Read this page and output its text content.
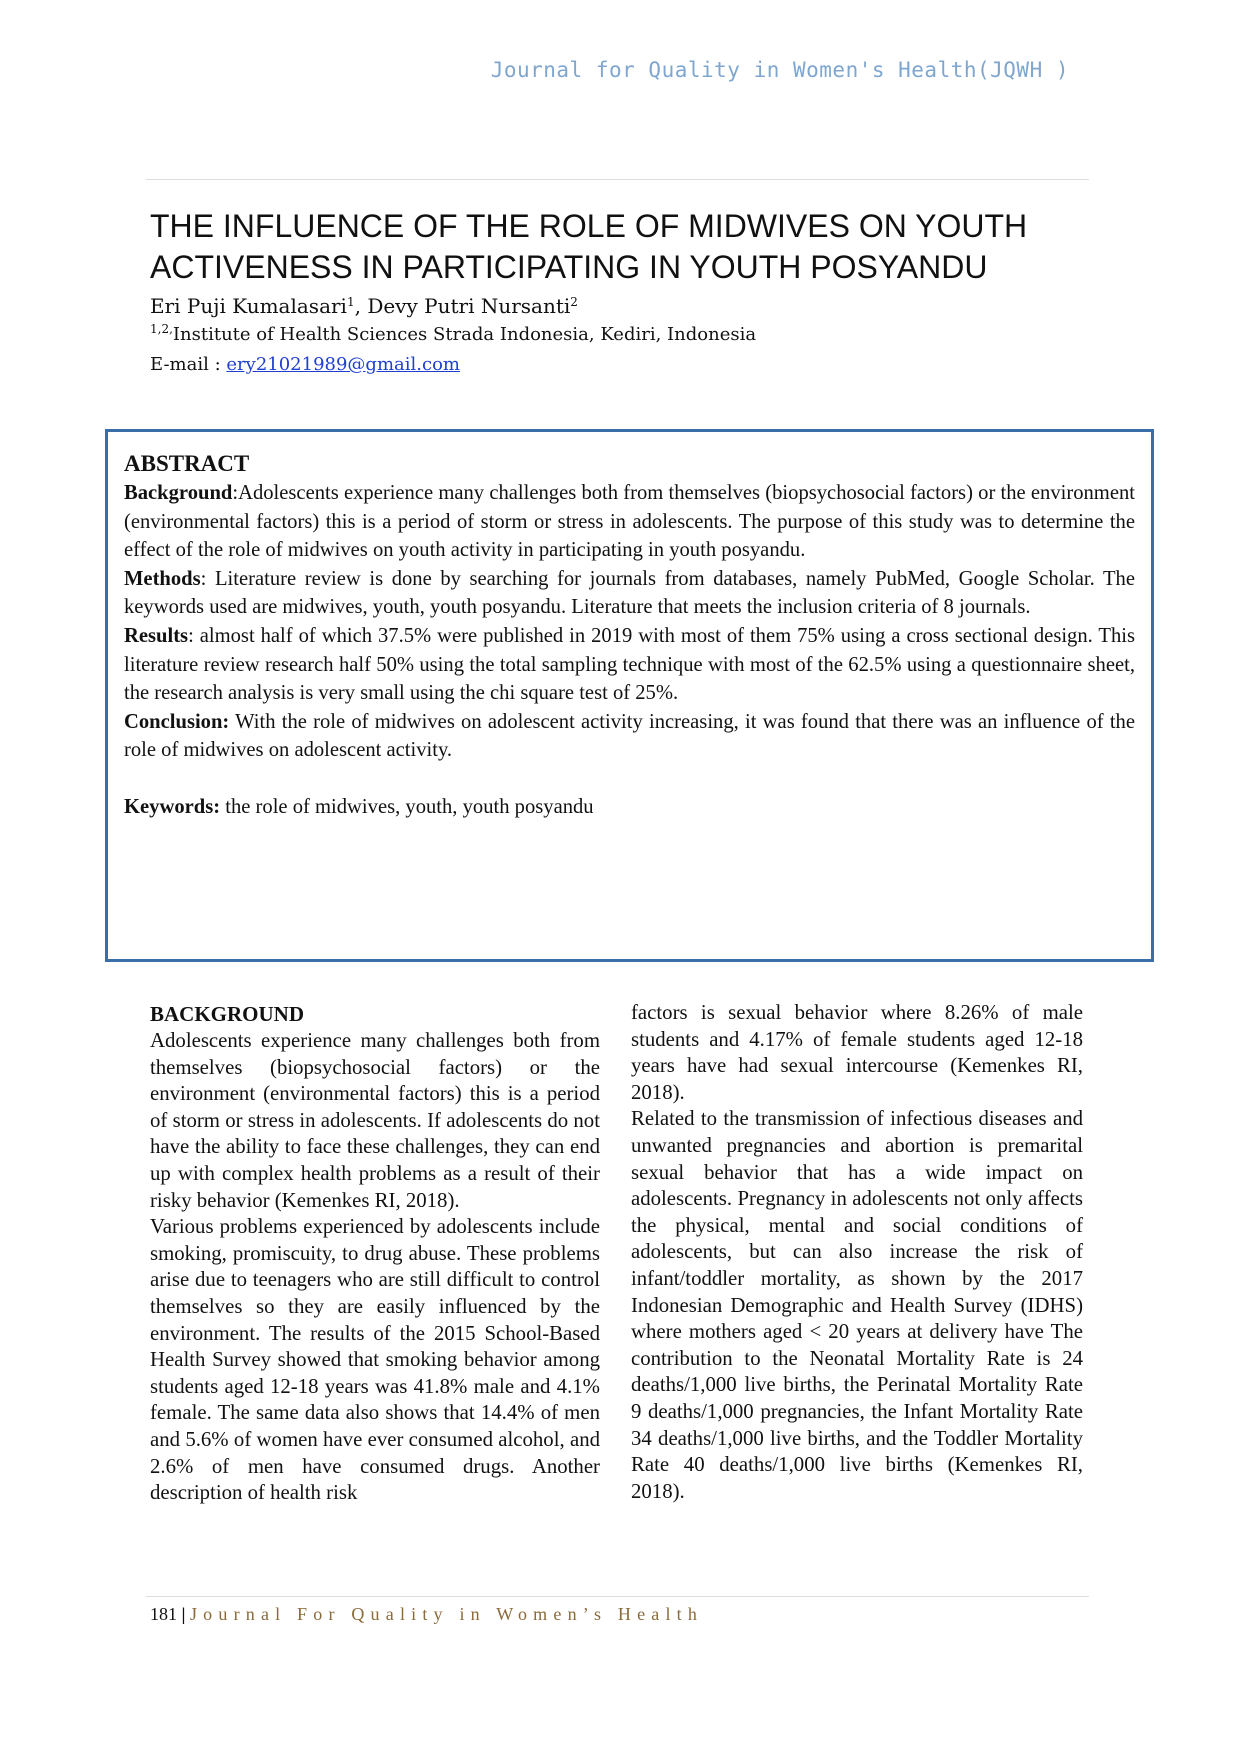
Journal for Quality in Women's Health(JQWH )
THE INFLUENCE OF THE ROLE OF MIDWIVES ON YOUTH
ACTIVENESS IN PARTICIPATING IN YOUTH POSYANDU
Eri Puji Kumalasari$^1$, Devy Putri Nursanti$^2$
$^{1,2,}$Institute of Health Sciences Strada Indonesia, Kediri, Indonesia
E-mail : ery21021989@gmail.com
ABSTRACT

Background:Adolescents experience many challenges both from themselves (biopsychosocial factors) or the environment (environmental factors) this is a period of storm or stress in adolescents. The purpose of this study was to determine the effect of the role of midwives on youth activity in participating in youth posyandu.

Methods: Literature review is done by searching for journals from databases, namely PubMed, Google Scholar. The keywords used are midwives, youth, youth posyandu. Literature that meets the inclusion criteria of 8 journals.

Results: almost half of which 37.5% were published in 2019 with most of them 75% using a cross sectional design. This literature review research half 50% using the total sampling technique with most of the 62.5% using a questionnaire sheet, the research analysis is very small using the chi square test of 25%.

Conclusion: With the role of midwives on adolescent activity increasing, it was found that there was an influence of the role of midwives on adolescent activity.

Keywords: the role of midwives, youth, youth posyandu

BACKGROUND

Adolescents experience many challenges both from themselves (biopsychosocial factors) or the environment (environmental factors) this is a period of storm or stress in adolescents. If adolescents do not have the ability to face these challenges, they can end up with complex health problems as a result of their risky behavior (Kemenkes RI, 2018).

Various problems experienced by adolescents include smoking, promiscuity, to drug abuse. These problems arise due to teenagers who are still difficult to control themselves so they are easily influenced by the environment. The results of the 2015 School-Based Health Survey showed that smoking behavior among students aged 12-18 years was 41.8% male and 4.1% female. The same data also shows that 14.4% of men and 5.6% of women have ever consumed alcohol, and 2.6% of men have consumed drugs. Another description of health risk

factors is sexual behavior where 8.26% of male students and 4.17% of female students aged 12-18 years have had sexual intercourse (Kemenkes RI, 2018).

Related to the transmission of infectious diseases and unwanted pregnancies and abortion is premarital sexual behavior that has a wide impact on adolescents. Pregnancy in adolescents not only affects the physical, mental and social conditions of adolescents, but can also increase the risk of infant/toddler mortality, as shown by the 2017 Indonesian Demographic and Health Survey (IDHS) where mothers aged < 20 years at delivery have The contribution to the Neonatal Mortality Rate is 24 deaths/1,000 live births, the Perinatal Mortality Rate 9 deaths/1,000 pregnancies, the Infant Mortality Rate 34 deaths/1,000 live births, and the Toddler Mortality Rate 40 deaths/1,000 live births (Kemenkes RI, 2018).

181 | Journal For Quality in Women’s Health
